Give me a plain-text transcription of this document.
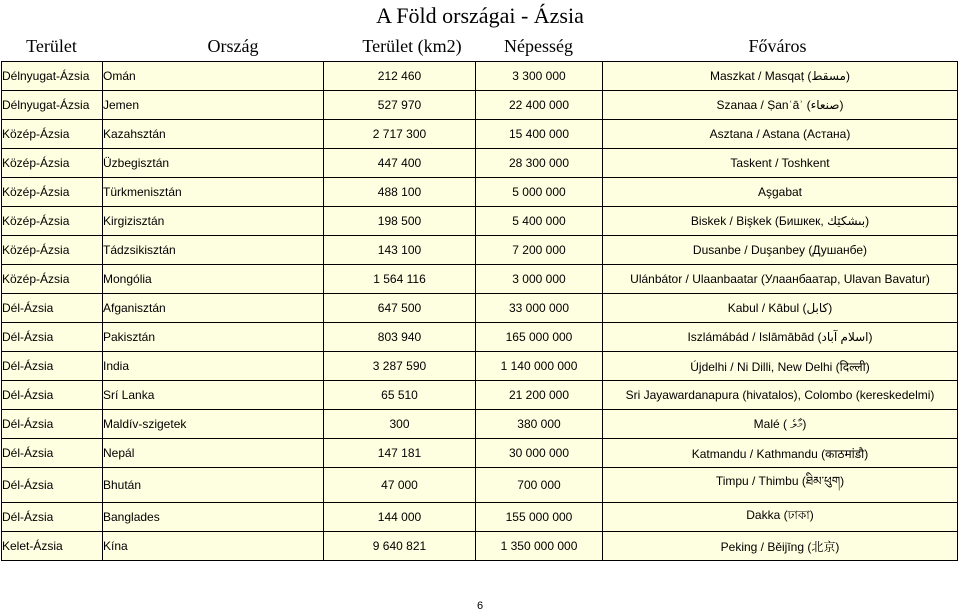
A Föld országai - Ázsia
Terület	Ország	Terület (km2)	Népesség	Főváros
Délnyugat-Ázsia	Omán	212 460	3 300 000	Maszkat / Masqaṭ (مسقط)
Délnyugat-Ázsia	Jemen	527 970	22 400 000	Szanaa / Ṣanʿāʾ (صنعاء)
Közép-Ázsia	Kazahsztán	2 717 300	15 400 000	Asztana / Astana (Астана)
Közép-Ázsia	Üzbegisztán	447 400	28 300 000	Taskent / Toshkent
Közép-Ázsia	Türkmenisztán	488 100	5 000 000	Aşgabat
Közép-Ázsia	Kirgizisztán	198 500	5 400 000	Biskek / Bişkek (Бишкек, بىشکێك)
Közép-Ázsia	Tádzsikisztán	143 100	7 200 000	Dusanbe / Duşanbey (Душанбе)
Közép-Ázsia	Mongólia	1 564 116	3 000 000	Ulánbátor / Ulaanbaatar (Улаанбаатар, Ulavan Bavatur)
Dél-Ázsia	Afganisztán	647 500	33 000 000	Kabul / Kābul (کابل)
Dél-Ázsia	Pakisztán	803 940	165 000 000	Iszlámábád / Islāmābād (اسلام آباد)
Dél-Ázsia	India	3 287 590	1 140 000 000	Újdelhi / Ni Dilli, New Delhi (दिल्ली)
Dél-Ázsia	Srí Lanka	65 510	21 200 000	Sri Jayawardanapura (hivatalos), Colombo (kereskedelmi)
Dél-Ázsia	Maldív-szigetek	300	380 000	Malé ( މާލެ)
Dél-Ázsia	Nepál	147 181	30 000 000	Katmandu / Kathmandu (काठमांडौ)
Dél-Ázsia	Bhután	47 000	700 000	Timpu / Thimbu (ཐིམ་ཕུག)
Dél-Ázsia	Banglades	144 000	155 000 000	Dakka (ঢাকা)
Kelet-Ázsia	Kína	9 640 821	1 350 000 000	Peking / Běijīng (北京)
6
